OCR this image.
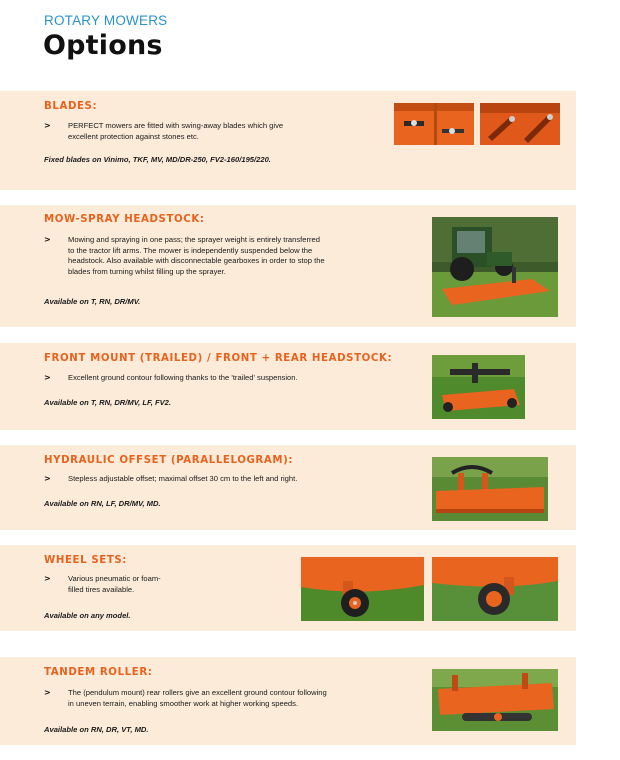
ROTARY MOWERS
Options
BLADES:
> PERFECT mowers are fitted with swing-away blades which give
excellent protection against stones etc.
Fixed blades on Vinimo, TKF, MV, MD/DR-250, FV2-160/195/220.
MOW-SPRAY HEADSTOCK:
> Mowing and spraying in one pass; the sprayer weight is entirely transferred
to the tractor lift arms. The mower is independently suspended below the
headstock. Also available with disconnectable gearboxes in order to stop the
blades from turning whilst filling up the sprayer.
Available on T, RN, DR/MV.
FRONT MOUNT (TRAILED) / FRONT + REAR HEADSTOCK:
> Excellent ground contour following thanks to the 'trailed' suspension.
Available on T, RN, DR/MV, LF, FV2.
HYDRAULIC OFFSET (PARALLELOGRAM):
> Stepless adjustable offset; maximal offset 30 cm to the left and right.
Available on RN, LF, DR/MV, MD.
WHEEL SETS:
> Various pneumatic or foam-
filled tires available.
Available on any model.
TANDEM ROLLER:
> The (pendulum mount) rear rollers give an excellent ground contour following
in uneven terrain, enabling smoother work at higher working speeds.
Available on RN, DR, VT, MD.
